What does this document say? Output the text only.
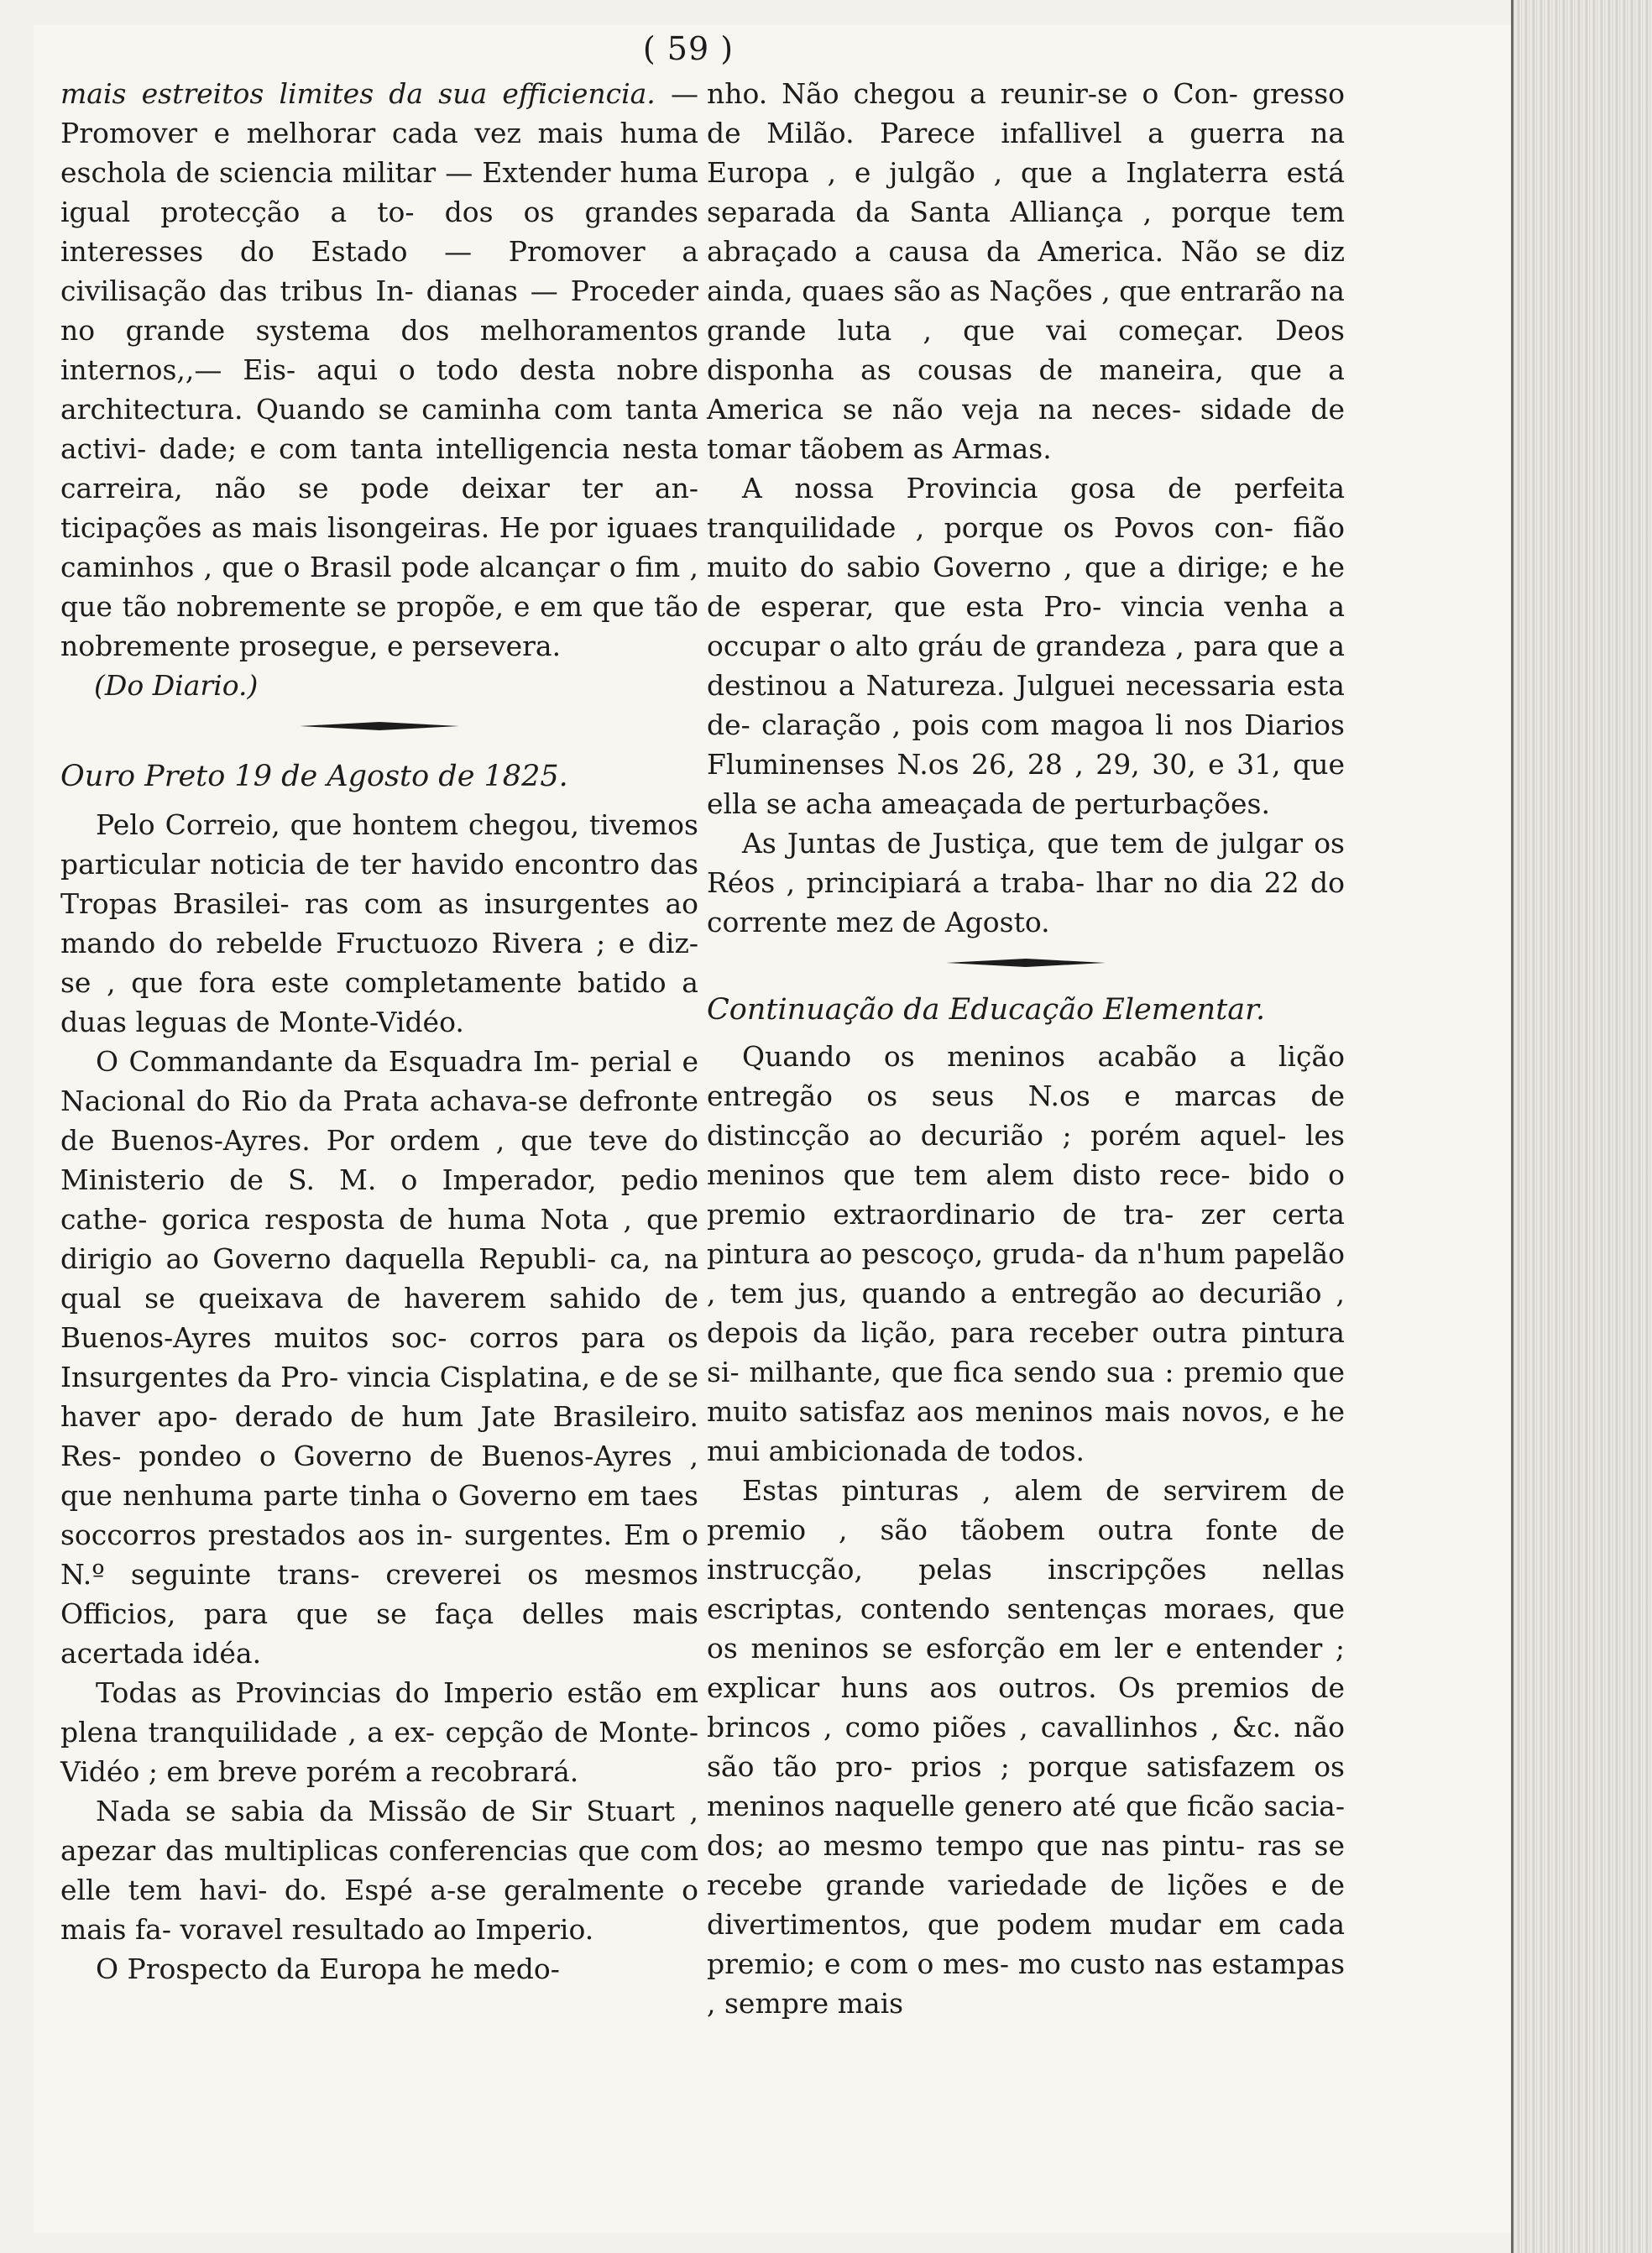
( 59 )

mais estreitos limites da sua efficiencia. — Promover e melhorar cada vez mais huma eschola de sciencia militar — Extender huma igual protecção a to- dos os grandes interesses do Estado — Promover a civilisação das tribus In- dianas — Proceder no grande systema dos melhoramentos internos,,— Eis- aqui o todo desta nobre architectura. Quando se caminha com tanta activi- dade; e com tanta intelligencia nesta carreira, não se pode deixar ter an- ticipações as mais lisongeiras. He por iguaes caminhos , que o Brasil pode alcançar o fim , que tão nobremente se propõe, e em que tão nobremente prosegue, e persevera.

(Do Diario.)

Ouro Preto 19 de Agosto de 1825.

Pelo Correio, que hontem chegou, tivemos particular noticia de ter havido encontro das Tropas Brasilei- ras com as insurgentes ao mando do rebelde Fructuozo Rivera ; e diz-se , que fora este completamente batido a duas leguas de Monte-Vidéo.

O Commandante da Esquadra Im- perial e Nacional do Rio da Prata achava-se defronte de Buenos-Ayres. Por ordem , que teve do Ministerio de S. M. o Imperador, pedio cathe- gorica resposta de huma Nota , que dirigio ao Governo daquella Republi- ca, na qual se queixava de haverem sahido de Buenos-Ayres muitos soc- corros para os Insurgentes da Pro- vincia Cisplatina, e de se haver apo- derado de hum Jate Brasileiro. Res- pondeo o Governo de Buenos-Ayres , que nenhuma parte tinha o Governo em taes soccorros prestados aos in- surgentes. Em o N.º seguinte trans- creverei os mesmos Officios, para que se faça delles mais acertada idéa.

Todas as Provincias do Imperio estão em plena tranquilidade , a ex- cepção de Monte-Vidéo ; em breve porém a recobrará.

Nada se sabia da Missão de Sir Stuart , apezar das multiplicas conferencias que com elle tem havi- do. Espé a-se geralmente o mais fa- voravel resultado ao Imperio.

O Prospecto da Europa he medo-

nho. Não chegou a reunir-se o Con- gresso de Milão. Parece infallivel a guerra na Europa , e julgão , que a Inglaterra está separada da Santa Alliança , porque tem abraçado a causa da America. Não se diz ainda, quaes são as Nações , que entrarão na grande luta , que vai começar. Deos disponha as cousas de maneira, que a America se não veja na neces- sidade de tomar tãobem as Armas.

A nossa Provincia gosa de perfeita tranquilidade , porque os Povos con- fião muito do sabio Governo , que a dirige; e he de esperar, que esta Pro- vincia venha a occupar o alto gráu de grandeza , para que a destinou a Natureza. Julguei necessaria esta de- claração , pois com magoa li nos Diarios Fluminenses N.os 26, 28 , 29, 30, e 31, que ella se acha ameaçada de perturbações.

As Juntas de Justiça, que tem de julgar os Réos , principiará a traba- lhar no dia 22 do corrente mez de Agosto.

Continuação da Educação Elementar.

Quando os meninos acabão a lição entregão os seus N.os e marcas de distincção ao decurião ; porém aquel- les meninos que tem alem disto rece- bido o premio extraordinario de tra- zer certa pintura ao pescoço, gruda- da n'hum papelão , tem jus, quando a entregão ao decurião , depois da lição, para receber outra pintura si- milhante, que fica sendo sua : premio que muito satisfaz aos meninos mais novos, e he mui ambicionada de todos.

Estas pinturas , alem de servirem de premio , são tãobem outra fonte de instrucção, pelas inscripções nellas escriptas, contendo sentenças moraes, que os meninos se esforção em ler e entender ; explicar huns aos outros. Os premios de brincos , como piões , cavallinhos , &c. não são tão pro- prios ; porque satisfazem os meninos naquelle genero até que ficão sacia- dos; ao mesmo tempo que nas pintu- ras se recebe grande variedade de lições e de divertimentos, que podem mudar em cada premio; e com o mes- mo custo nas estampas , sempre mais
